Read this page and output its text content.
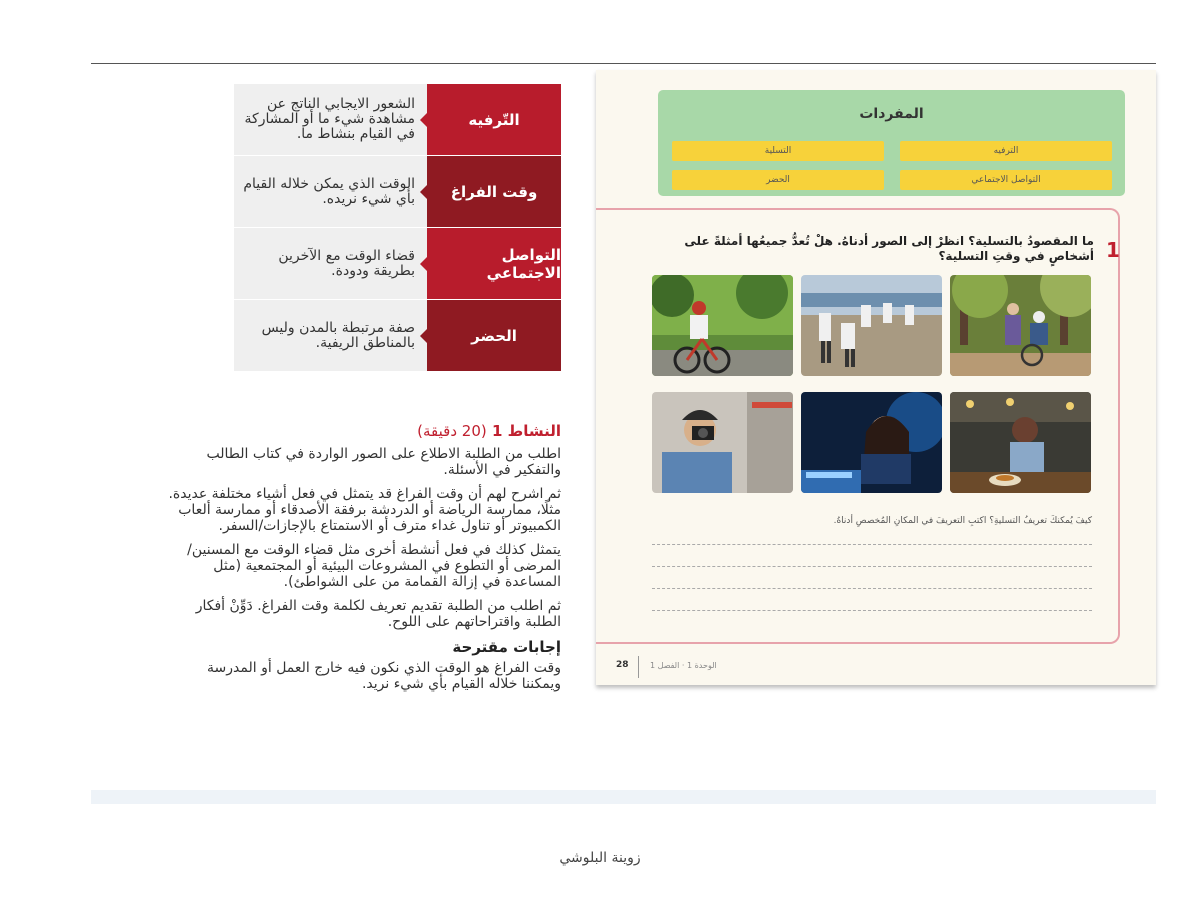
التّرفيه
الشعور الايجابي الناتج عن مشاهدة شيء ما أو المشاركة في القيام بنشاط ما.
وقت الفراغ
الوقت الذي يمكن خلاله القيام بأي شيء نريده.
التواصل الاجتماعي
قضاء الوقت مع الآخرين بطريقة ودودة.
الحضر
صفة مرتبطة بالمدن وليس بالمناطق الريفية.
النشاط 1 (20 دقيقة)

اطلب من الطلبة الاطلاع على الصور الواردة في كتاب الطالب والتفكير في الأسئلة.

ثم اشرح لهم أن وقت الفراغ قد يتمثل في فعل أشياء مختلفة عديدة. مثلًا، ممارسة الرياضة أو الدردشة برفقة الأصدقاء أو ممارسة ألعاب الكمبيوتر أو تناول غداء مترف أو الاستمتاع بالإجازات/السفر.

يتمثل كذلك في فعل أنشطة أخرى مثل قضاء الوقت مع المسنين/ المرضى أو التطوع في المشروعات البيئية أو المجتمعية (مثل المساعدة في إزالة القمامة من على الشواطئ).

ثم اطلب من الطلبة تقديم تعريف لكلمة وقت الفراغ. دَوِّنْ أفكار الطلبة واقتراحاتهم على اللوح.

إجابات مقترحة

وقت الفراغ هو الوقت الذي نكون فيه خارج العمل أو المدرسة ويمكننا خلاله القيام بأي شيء نريد.

المفردات
الترفيه
التسلية
التواصل الاجتماعي
الحضر
1
ما المقصودُ بالتسلية؟ انظرْ إلى الصور أدناهُ. هلْ تُعدُّ جميعُها أمثلةً على أشخاصٍ في وقتِ التسلية؟
كيفَ يُمكنكَ تعريفُ التسليةِ؟ اكتبِ التعريفَ في المكانِ المُخصصِ أدناهُ.
28	الوحدة 1 · الفصل 1
زوينة البلوشي
